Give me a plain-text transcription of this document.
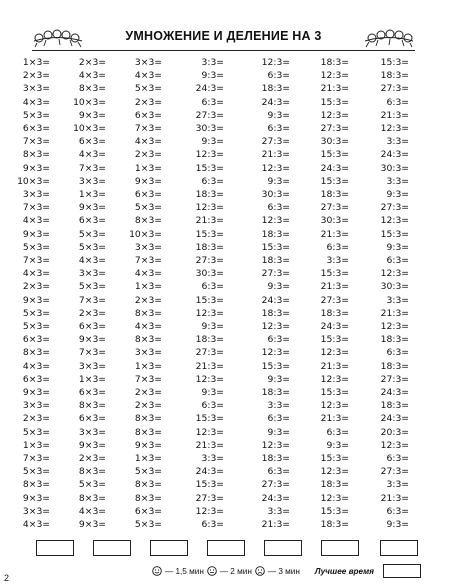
УМНОЖЕНИЕ И ДЕЛЕНИЕ НА 3
1×3=
2×3=
3×3=
4×3=
5×3=
6×3=
7×3=
8×3=
9×3=
10×3=
3×3=
7×3=
4×3=
9×3=
5×3=
7×3=
4×3=
2×3=
9×3=
5×3=
5×3=
6×3=
8×3=
4×3=
6×3=
9×3=
3×3=
2×3=
5×3=
1×3=
7×3=
5×3=
8×3=
9×3=
3×3=
4×3=
2×3=
4×3=
8×3=
10×3=
9×3=
10×3=
6×3=
4×3=
7×3=
3×3=
1×3=
9×3=
6×3=
5×3=
5×3=
4×3=
3×3=
5×3=
7×3=
2×3=
6×3=
9×3=
7×3=
3×3=
1×3=
6×3=
8×3=
6×3=
3×3=
9×3=
2×3=
8×3=
5×3=
8×3=
4×3=
9×3=
3×3=
4×3=
5×3=
2×3=
6×3=
7×3=
4×3=
2×3=
1×3=
9×3=
6×3=
5×3=
8×3=
10×3=
3×3=
7×3=
4×3=
1×3=
2×3=
8×3=
4×3=
8×3=
3×3=
1×3=
7×3=
2×3=
2×3=
8×3=
8×3=
9×3=
1×3=
5×3=
8×3=
8×3=
6×3=
5×3=
3:3=
9:3=
24:3=
6:3=
27:3=
30:3=
9:3=
12:3=
15:3=
6:3=
18:3=
12:3=
21:3=
15:3=
18:3=
27:3=
30:3=
6:3=
15:3=
12:3=
9:3=
18:3=
27:3=
21:3=
12:3=
9:3=
6:3=
15:3=
12:3=
21:3=
3:3=
24:3=
15:3=
27:3=
12:3=
6:3=
12:3=
6:3=
18:3=
24:3=
9:3=
6:3=
27:3=
21:3=
12:3=
9:3=
30:3=
6:3=
12:3=
18:3=
15:3=
18:3=
27:3=
9:3=
24:3=
18:3=
12:3=
6:3=
12:3=
15:3=
9:3=
18:3=
3:3=
6:3=
9:3=
12:3=
18:3=
6:3=
27:3=
24:3=
3:3=
21:3=
18:3=
12:3=
21:3=
15:3=
12:3=
27:3=
30:3=
15:3=
24:3=
15:3=
18:3=
27:3=
30:3=
21:3=
6:3=
3:3=
15:3=
21:3=
27:3=
18:3=
24:3=
15:3=
12:3=
21:3=
12:3=
15:3=
12:3=
21:3=
6:3=
9:3=
15:3=
12:3=
18:3=
12:3=
15:3=
18:3=
15:3=
18:3=
27:3=
6:3=
21:3=
12:3=
3:3=
24:3=
30:3=
3:3=
9:3=
27:3=
12:3=
15:3=
9:3=
6:3=
12:3=
30:3=
3:3=
21:3=
12:3=
18:3=
6:3=
18:3=
27:3=
24:3=
18:3=
24:3=
20:3=
12:3=
6:3=
27:3=
3:3=
21:3=
6:3=
9:3=
— 1,5 мин — 2 мин — 3 мин Лучшее время
2
